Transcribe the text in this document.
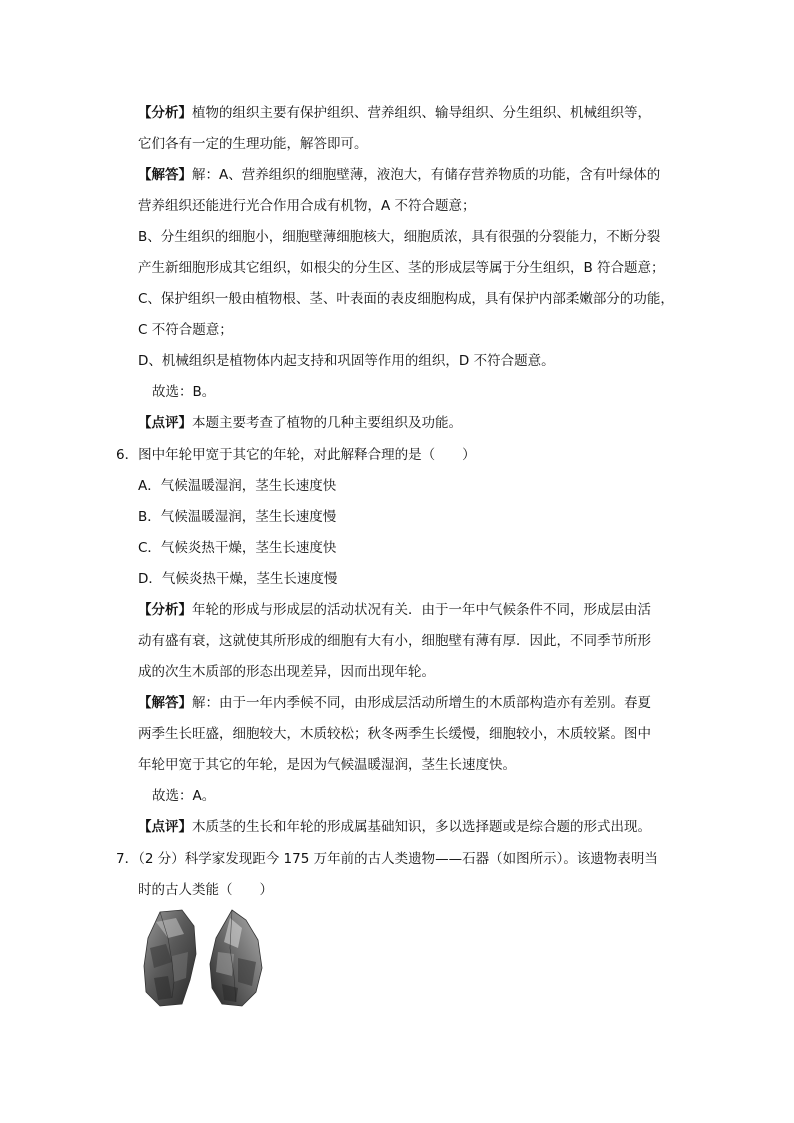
【分析】植物的组织主要有保护组织、营养组织、输导组织、分生组织、机械组织等，
它们各有一定的生理功能，解答即可。
【解答】解：A、营养组织的细胞壁薄，液泡大，有储存营养物质的功能，含有叶绿体的
营养组织还能进行光合作用合成有机物，A 不符合题意；
B、分生组织的细胞小，细胞壁薄细胞核大，细胞质浓，具有很强的分裂能力，不断分裂
产生新细胞形成其它组织，如根尖的分生区、茎的形成层等属于分生组织，B 符合题意；
C、保护组织一般由植物根、茎、叶表面的表皮细胞构成，具有保护内部柔嫩部分的功能，
C 不符合题意；
D、机械组织是植物体内起支持和巩固等作用的组织，D 不符合题意。
故选：B。
【点评】本题主要考查了植物的几种主要组织及功能。
6．图中年轮甲宽于其它的年轮，对此解释合理的是（　　）
A．气候温暖湿润，茎生长速度快
B．气候温暖湿润，茎生长速度慢
C．气候炎热干燥，茎生长速度快
D．气候炎热干燥，茎生长速度慢
【分析】年轮的形成与形成层的活动状况有关．由于一年中气候条件不同，形成层由活
动有盛有衰，这就使其所形成的细胞有大有小，细胞壁有薄有厚．因此，不同季节所形
成的次生木质部的形态出现差异，因而出现年轮。
【解答】解：由于一年内季候不同，由形成层活动所增生的木质部构造亦有差别。春夏
两季生长旺盛，细胞较大，木质较松；秋冬两季生长缓慢，细胞较小，木质较紧。图中
年轮甲宽于其它的年轮，是因为气候温暖湿润，茎生长速度快。
故选：A。
【点评】木质茎的生长和年轮的形成属基础知识，多以选择题或是综合题的形式出现。
7．（2 分）科学家发现距今 175 万年前的古人类遗物——石器（如图所示）。该遗物表明当
时的古人类能（　　）
